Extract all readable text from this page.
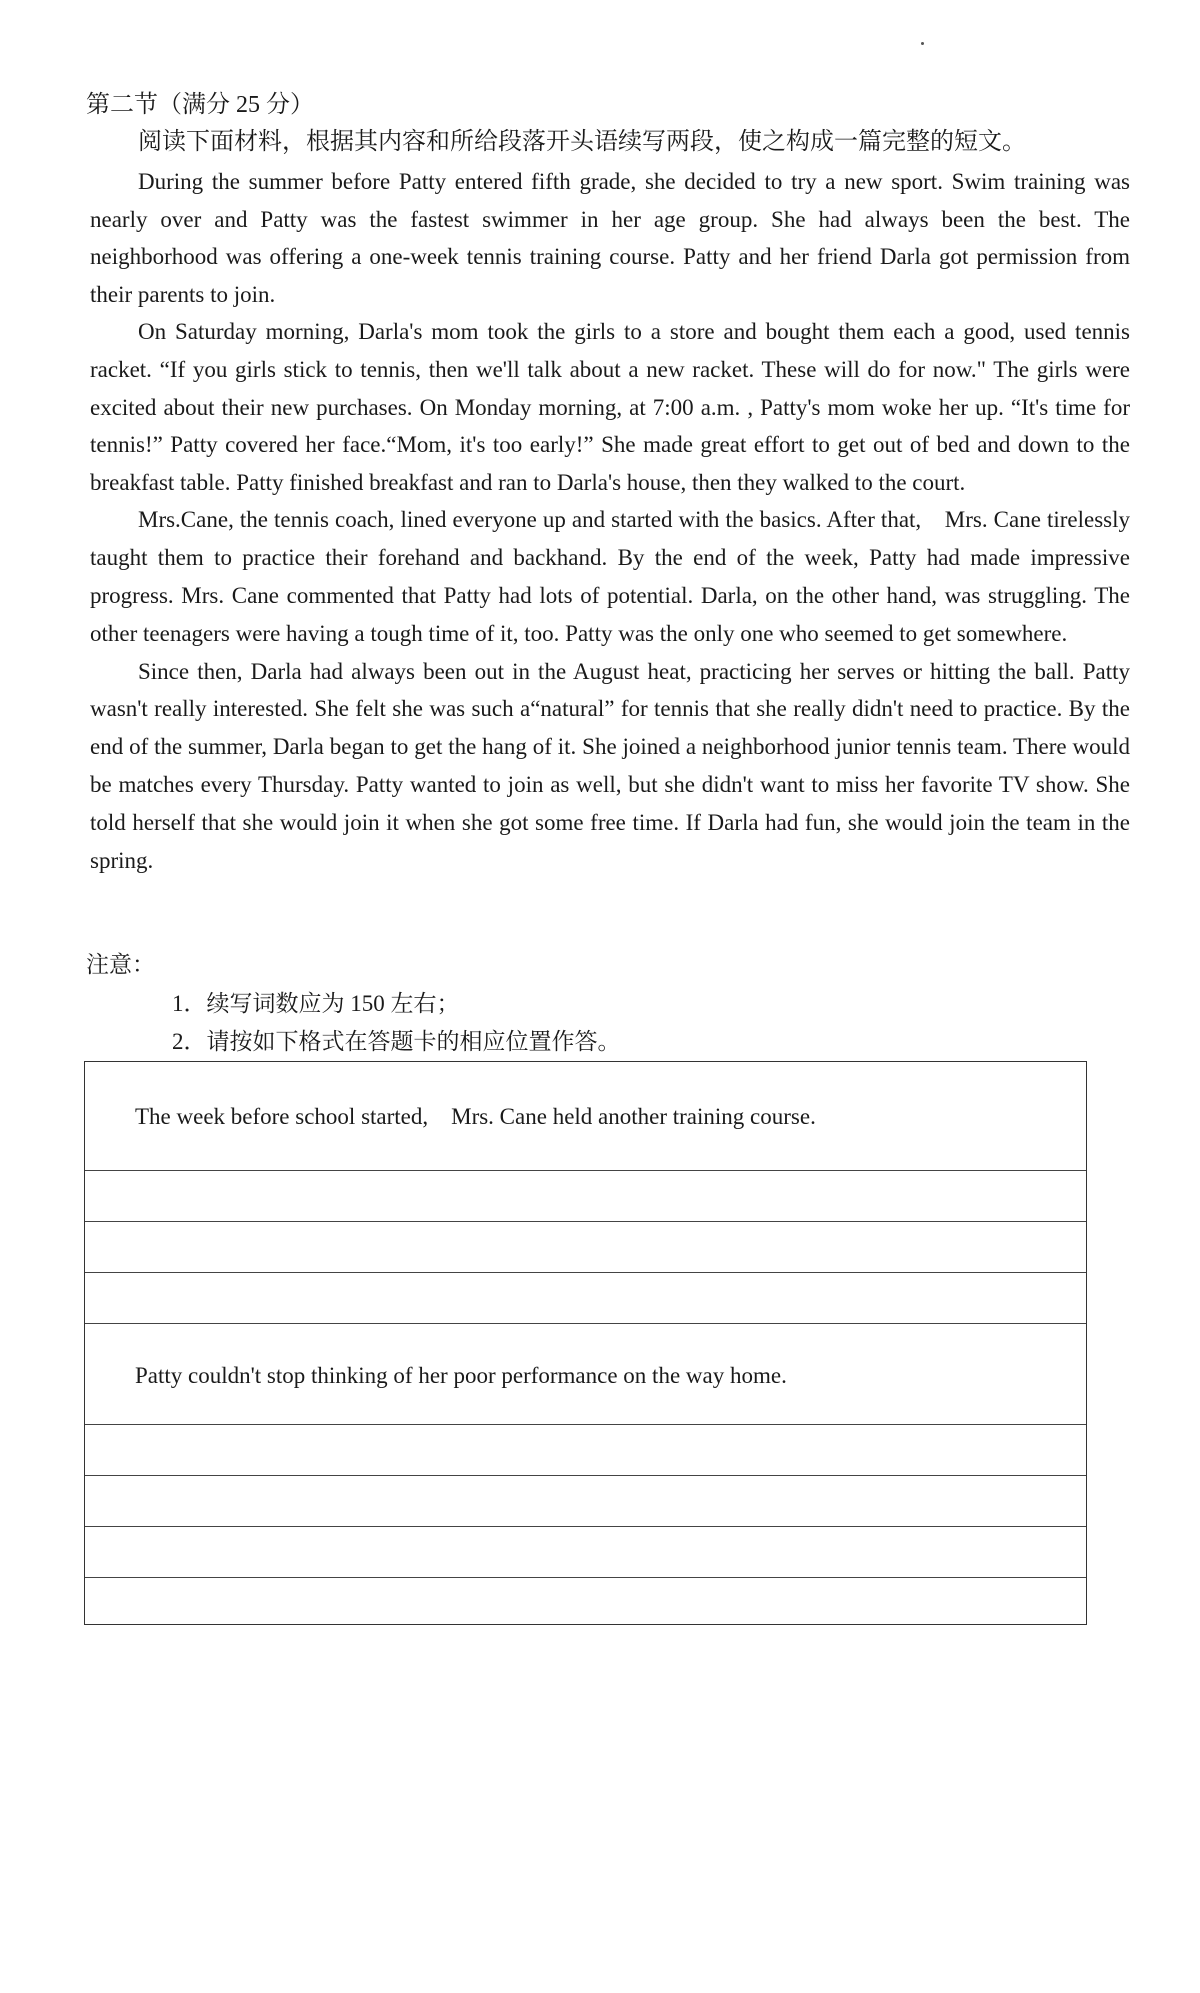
第二节（满分 25 分）
阅读下面材料，根据其内容和所给段落开头语续写两段，使之构成一篇完整的短文。

During the summer before Patty entered fifth grade, she decided to try a new sport. Swim training was nearly over and Patty was the fastest swimmer in her age group. She had always been the best. The neighborhood was offering a one-week tennis training course. Patty and her friend Darla got permission from their parents to join.

On Saturday morning, Darla's mom took the girls to a store and bought them each a good, used tennis racket. “If you girls stick to tennis, then we'll talk about a new racket. These will do for now." The girls were excited about their new purchases. On Monday morning, at 7:00 a.m. , Patty's mom woke her up. “It's time for tennis!” Patty covered her face.“Mom, it's too early!” She made great effort to get out of bed and down to the breakfast table. Patty finished breakfast and ran to Darla's house, then they walked to the court.

Mrs.Cane, the tennis coach, lined everyone up and started with the basics. After that,　Mrs. Cane tirelessly taught them to practice their forehand and backhand. By the end of the week, Patty had made impressive progress. Mrs. Cane commented that Patty had lots of potential. Darla, on the other hand, was struggling. The other teenagers were having a tough time of it, too. Patty was the only one who seemed to get somewhere.

Since then, Darla had always been out in the August heat, practicing her serves or hitting the ball. Patty wasn't really interested. She felt she was such a“natural” for tennis that she really didn't need to practice. By the end of the summer, Darla began to get the hang of it. She joined a neighborhood junior tennis team. There would be matches every Thursday. Patty wanted to join as well, but she didn't want to miss her favorite TV show. She told herself that she would join it when she got some free time. If Darla had fun, she would join the team in the spring.

注意：
1．续写词数应为 150 左右；
2．请按如下格式在答题卡的相应位置作答。
The week before school started,　Mrs. Cane held another training course.
Patty couldn't stop thinking of her poor performance on the way home.
